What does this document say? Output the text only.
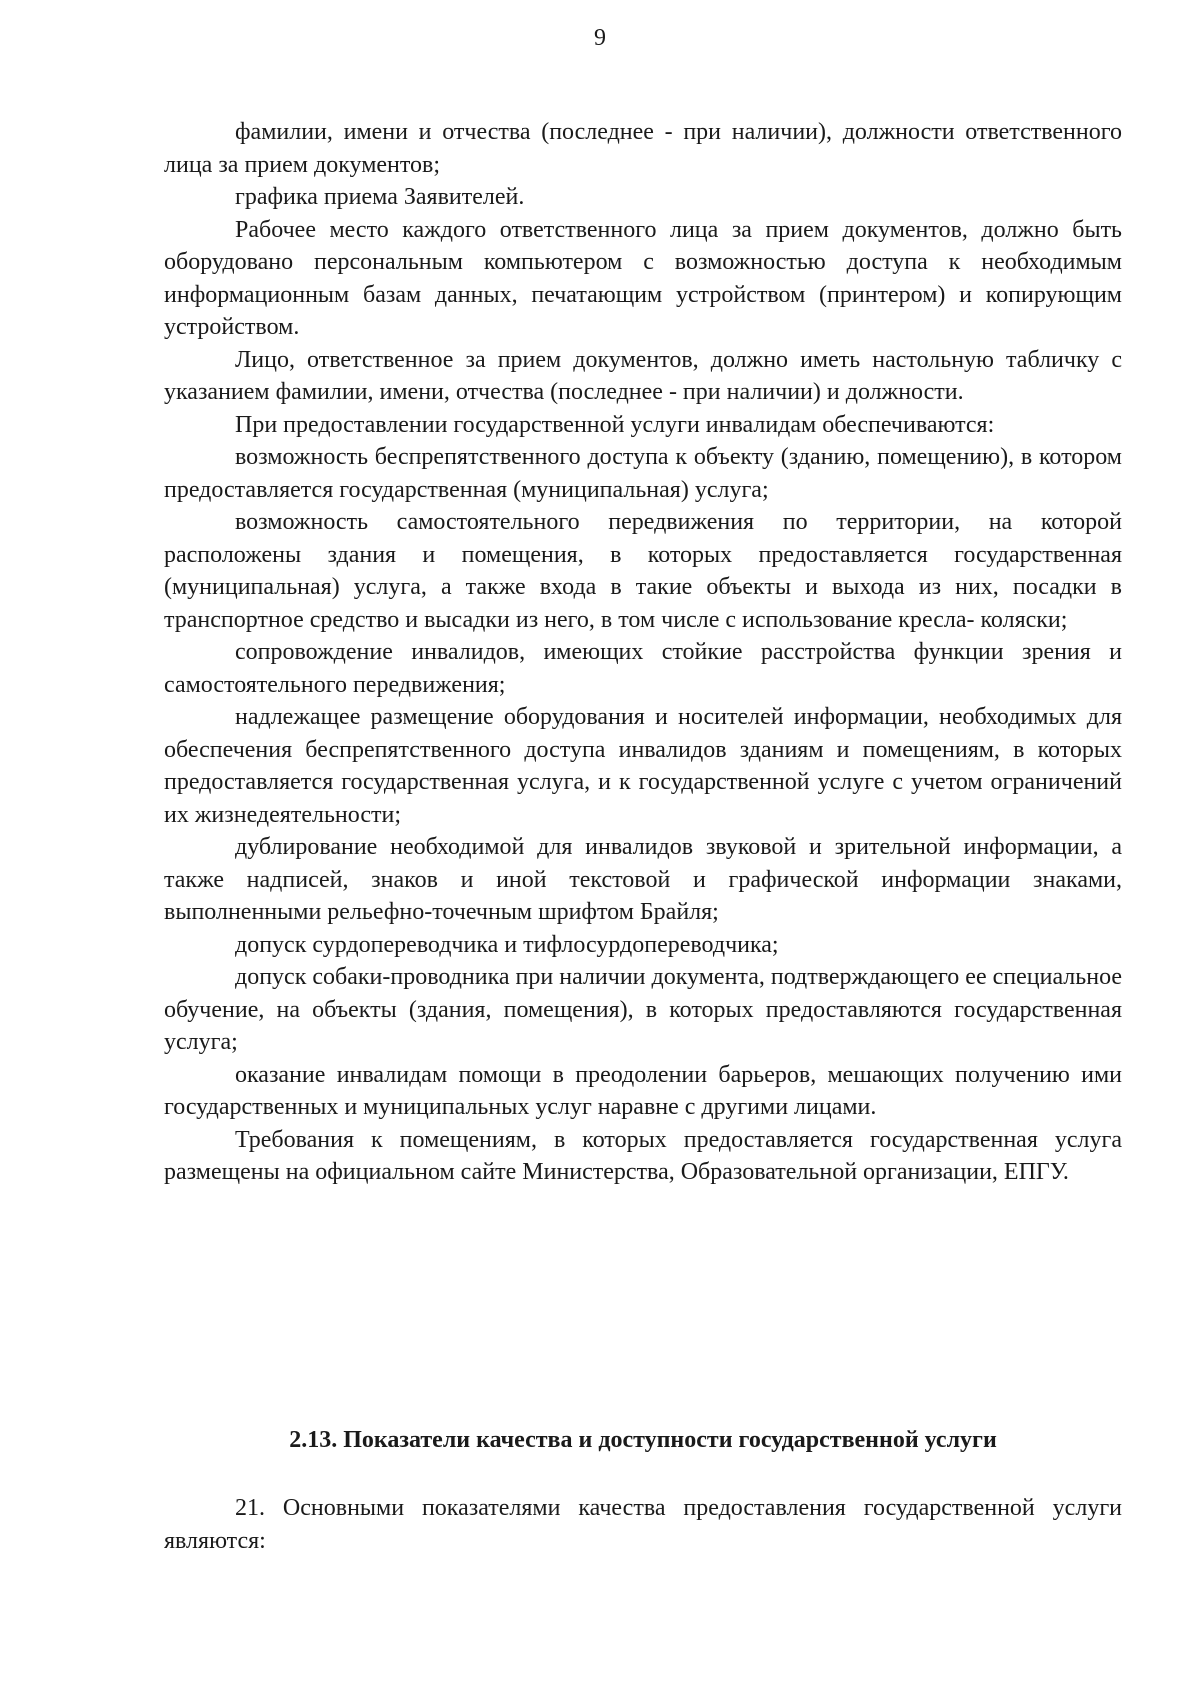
9

фамилии, имени и отчества (последнее - при наличии), должности ответственного лица за прием документов;

графика приема Заявителей.

Рабочее место каждого ответственного лица за прием документов, должно быть оборудовано персональным компьютером с возможностью доступа к необходимым информационным базам данных, печатающим устройством (принтером) и копирующим устройством.

Лицо, ответственное за прием документов, должно иметь настольную табличку с указанием фамилии, имени, отчества (последнее - при наличии) и должности.

При предоставлении государственной услуги инвалидам обеспечиваются:

возможность беспрепятственного доступа к объекту (зданию, помещению), в котором предоставляется государственная (муниципальная) услуга;

возможность самостоятельного передвижения по территории, на которой расположены здания и помещения, в которых предоставляется государственная (муниципальная) услуга, а также входа в такие объекты и выхода из них, посадки в транспортное средство и высадки из него, в том числе с использование кресла- коляски;

сопровождение инвалидов, имеющих стойкие расстройства функции зрения и самостоятельного передвижения;

надлежащее размещение оборудования и носителей информации, необходимых для обеспечения беспрепятственного доступа инвалидов зданиям и помещениям, в которых предоставляется государственная услуга, и к государственной услуге с учетом ограничений их жизнедеятельности;

дублирование необходимой для инвалидов звуковой и зрительной информации, а также надписей, знаков и иной текстовой и графической информации знаками, выполненными рельефно-точечным шрифтом Брайля;

допуск сурдопереводчика и тифлосурдопереводчика;

допуск собаки-проводника при наличии документа, подтверждающего ее специальное обучение, на объекты (здания, помещения), в которых предоставляются государственная услуга;

оказание инвалидам помощи в преодолении барьеров, мешающих получению ими государственных и муниципальных услуг наравне с другими лицами.

Требования к помещениям, в которых предоставляется государственная услуга размещены на официальном сайте Министерства, Образовательной организации, ЕПГУ.

2.13. Показатели качества и доступности государственной услуги

21. Основными показателями качества предоставления государственной услуги являются:
